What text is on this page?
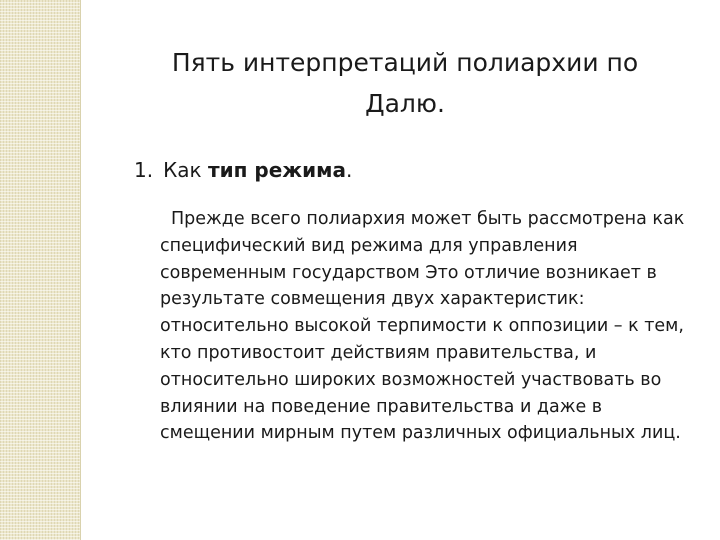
Пять интерпретаций полиархии по Далю.
1. Как тип режима.

Прежде всего полиархия может быть рассмотрена как специфический вид режима для управления современным государством Это отличие возникает в результате совмещения двух характеристик: относительно высокой терпимости к оппозиции – к тем, кто противостоит действиям правительства, и относительно широких возможностей участвовать во влиянии на поведение правительства и даже в смещении мирным путем различных официальных лиц.
